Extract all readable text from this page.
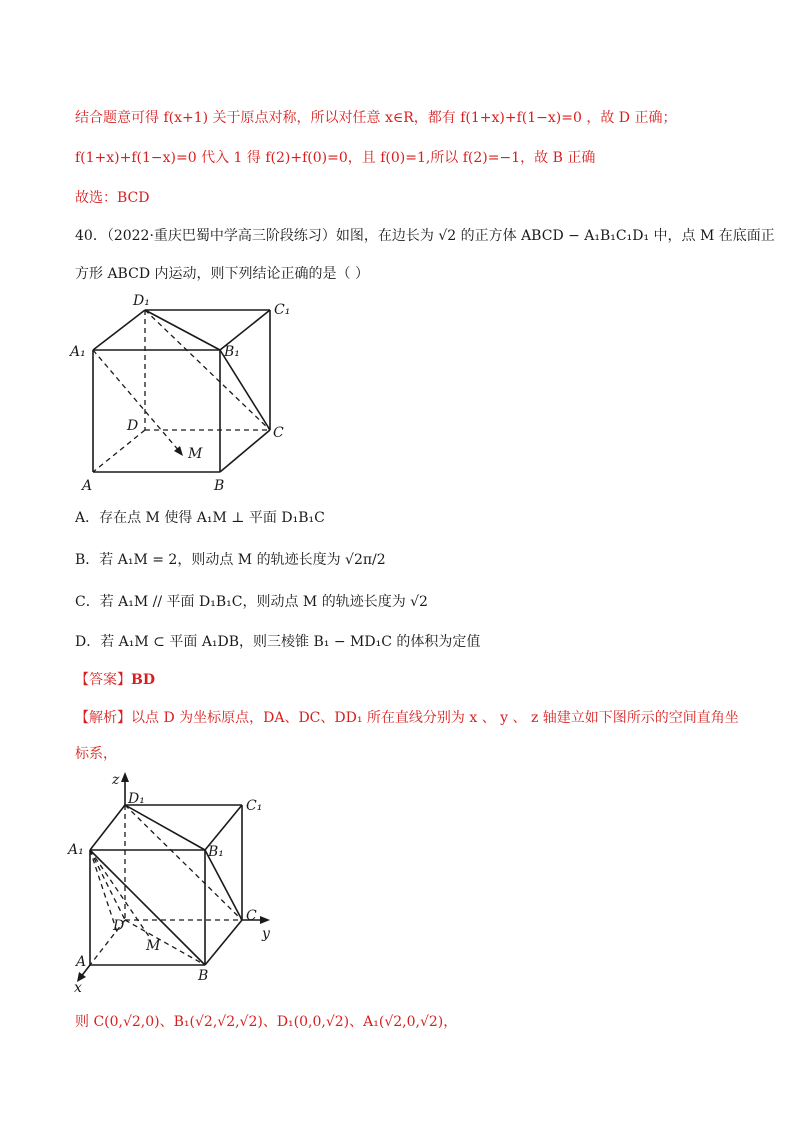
结合题意可得 f(x+1) 关于原点对称，所以对任意 x∈R，都有 f(1+x)+f(1−x)=0 ，故 D 正确；
f(1+x)+f(1−x)=0 代入 1 得 f(2)+f(0)=0，且 f(0)=1,所以 f(2)=−1，故 B 正确
故选：BCD
40．（2022·重庆巴蜀中学高三阶段练习）如图，在边长为 √2 的正方体 ABCD − A₁B₁C₁D₁ 中，点 M 在底面正
方形 ABCD 内运动，则下列结论正确的是（ ）
D₁
C₁
A₁	B₁
D	C
M
A	B
A．存在点 M 使得 A₁M ⊥ 平面 D₁B₁C
B．若 A₁M = 2，则动点 M 的轨迹长度为 √2π/2
C．若 A₁M // 平面 D₁B₁C，则动点 M 的轨迹长度为 √2
D．若 A₁M ⊂ 平面 A₁DB，则三棱锥 B₁ − MD₁C 的体积为定值
【答案】BD
【解析】以点 D 为坐标原点，DA、DC、DD₁ 所在直线分别为 x 、 y 、 z 轴建立如下图所示的空间直角坐
标系，
z
D₁	C₁
A₁	B₁
D
C
y
M
A
B
x
则 C(0,√2,0)、B₁(√2,√2,√2)、D₁(0,0,√2)、A₁(√2,0,√2)，
